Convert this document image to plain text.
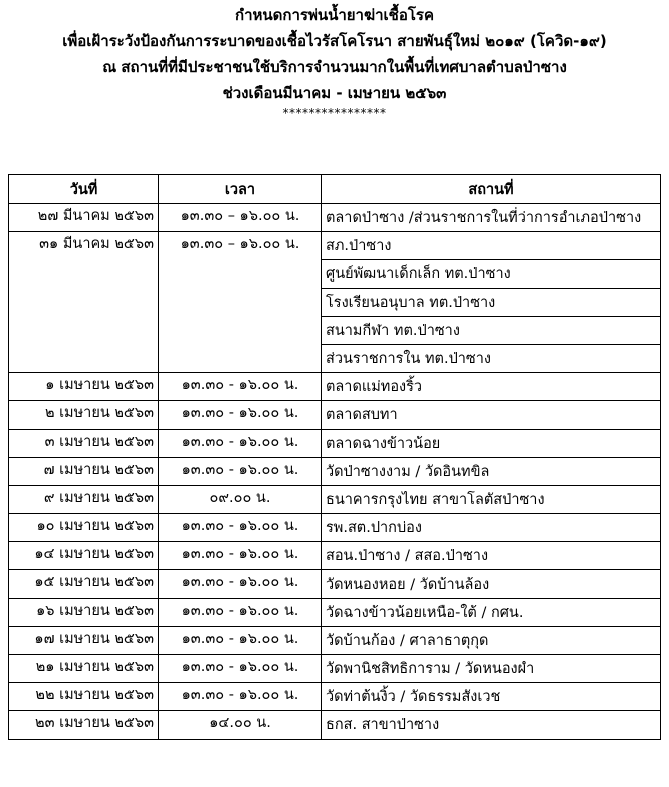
กำหนดการพ่นน้ำยาฆ่าเชื้อโรค
เพื่อเฝ้าระวังป้องกันการระบาดของเชื้อไวรัสโคโรนา สายพันธุ์ใหม่ ๒๐๑๙ (โควิด-๑๙)
ณ สถานที่ที่มีประชาชนใช้บริการจำนวนมากในพื้นที่เทศบาลตำบลป่าซาง
ช่วงเดือนมีนาคม - เมษายน ๒๕๖๓
****************
วันที่	เวลา	สถานที่
๒๗ มีนาคม ๒๕๖๓	๑๓.๓๐ – ๑๖.๐๐ น.	ตลาดป่าซาง /ส่วนราชการในที่ว่าการอำเภอป่าซาง
๓๑ มีนาคม ๒๕๖๓	๑๓.๓๐ – ๑๖.๐๐ น.	สภ.ป่าซาง
		ศูนย์พัฒนาเด็กเล็ก ทต.ป่าซาง
		โรงเรียนอนุบาล ทต.ป่าซาง
		สนามกีฬา ทต.ป่าซาง
		ส่วนราชการใน ทต.ป่าซาง
๑ เมษายน ๒๕๖๓	๑๓.๓๐ - ๑๖.๐๐ น.	ตลาดแม่ทองริ้ว
๒ เมษายน ๒๕๖๓	๑๓.๓๐ - ๑๖.๐๐ น.	ตลาดสบทา
๓ เมษายน ๒๕๖๓	๑๓.๓๐ - ๑๖.๐๐ น.	ตลาดฉางข้าวน้อย
๗ เมษายน ๒๕๖๓	๑๓.๓๐ - ๑๖.๐๐ น.	วัดป่าซางงาม / วัดอินทขิล
๙ เมษายน ๒๕๖๓	๐๙.๐๐ น.	ธนาคารกรุงไทย สาขาโลตัสป่าซาง
๑๐ เมษายน ๒๕๖๓	๑๓.๓๐ - ๑๖.๐๐ น.	รพ.สต.ปากบ่อง
๑๔ เมษายน ๒๕๖๓	๑๓.๓๐ - ๑๖.๐๐ น.	สอน.ป่าซาง / สสอ.ป่าซาง
๑๕ เมษายน ๒๕๖๓	๑๓.๓๐ - ๑๖.๐๐ น.	วัดหนองหอย / วัดบ้านล้อง
๑๖ เมษายน ๒๕๖๓	๑๓.๓๐ - ๑๖.๐๐ น.	วัดฉางข้าวน้อยเหนือ-ใต้ / กศน.
๑๗ เมษายน ๒๕๖๓	๑๓.๓๐ - ๑๖.๐๐ น.	วัดบ้านก้อง / ศาลาธาตุกุด
๒๑ เมษายน ๒๕๖๓	๑๓.๓๐ - ๑๖.๐๐ น.	วัดพานิชสิทธิการาม / วัดหนองผำ
๒๒ เมษายน ๒๕๖๓	๑๓.๓๐ - ๑๖.๐๐ น.	วัดท่าต้นงิ้ว / วัดธรรมสังเวช
๒๓ เมษายน ๒๕๖๓	๑๔.๐๐ น.	ธกส. สาขาป่าซาง
